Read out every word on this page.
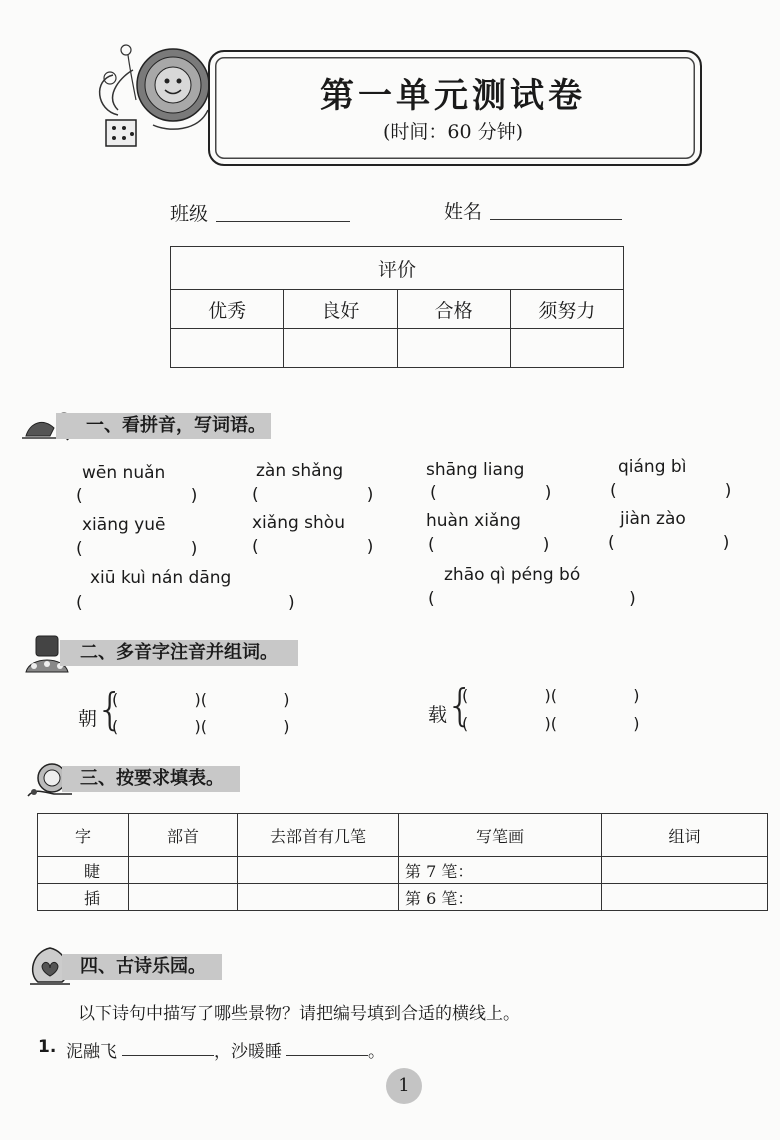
第一单元测试卷
(时间：60 分钟)
班级	姓名
评价			
优秀	良好	合格	须努力

一、看拼音，写词语。
wēn nuǎn
(                    )
zàn shǎng
(                    )
shāng liang
(                    )
qiáng bì
(                    )
xiāng yuē
(                    )
xiǎng shòu
(                    )
huàn xiǎng
(                    )
jiàn zào
(                    )
xiū kuì nán dāng
(                                      )
zhāo qì péng bó
(                                    )
二、多音字注音并组词。
朝
{
(               )(               )
(               )(               )
载
{
(               )(               )
(               )(               )
三、按要求填表。
字	部首	去部首有几笔	写笔画	组词
睫			第 7 笔：	
插			第 6 笔：	
四、古诗乐园。
以下诗句中描写了哪些景物？请把编号填到合适的横线上。
1. 泥融飞	，沙暖睡	。
1
